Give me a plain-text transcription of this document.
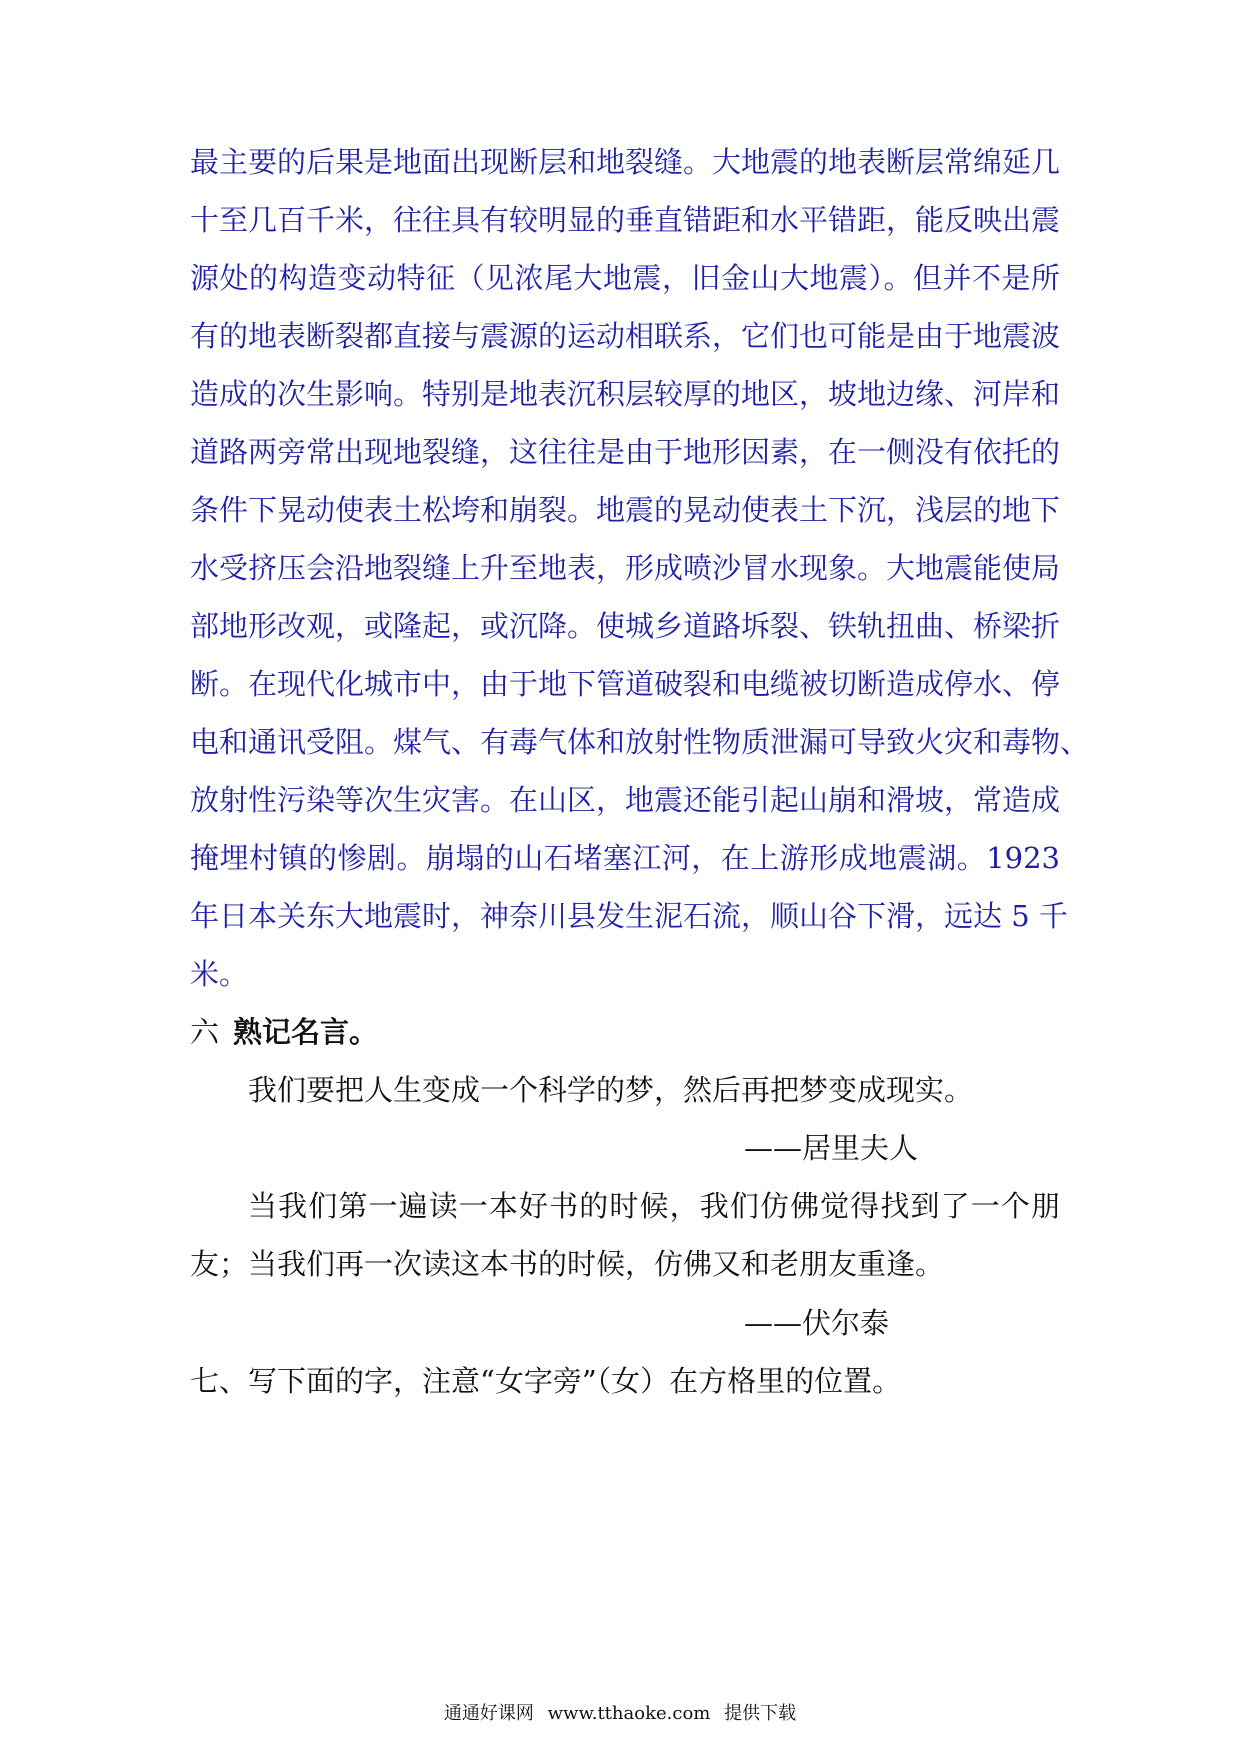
最主要的后果是地面出现断层和地裂缝。大地震的地表断层常绵延几
十至几百千米，往往具有较明显的垂直错距和水平错距，能反映出震
源处的构造变动特征（见浓尾大地震，旧金山大地震）。但并不是所
有的地表断裂都直接与震源的运动相联系，它们也可能是由于地震波
造成的次生影响。特别是地表沉积层较厚的地区，坡地边缘、河岸和
道路两旁常出现地裂缝，这往往是由于地形因素，在一侧没有依托的
条件下晃动使表土松垮和崩裂。地震的晃动使表土下沉，浅层的地下
水受挤压会沿地裂缝上升至地表，形成喷沙冒水现象。大地震能使局
部地形改观，或隆起，或沉降。使城乡道路坼裂、铁轨扭曲、桥梁折
断。在现代化城市中，由于地下管道破裂和电缆被切断造成停水、停
电和通讯受阻。煤气、有毒气体和放射性物质泄漏可导致火灾和毒物、
放射性污染等次生灾害。在山区，地震还能引起山崩和滑坡，常造成
掩埋村镇的惨剧。崩塌的山石堵塞江河，在上游形成地震湖。1923
年日本关东大地震时，神奈川县发生泥石流，顺山谷下滑，远达 5 千
米。
六 熟记名言。
我们要把人生变成一个科学的梦，然后再把梦变成现实。
——居里夫人
当我们第一遍读一本好书的时候，我们仿佛觉得找到了一个朋
友；当我们再一次读这本书的时候，仿佛又和老朋友重逢。
——伏尔泰
七、写下面的字，注意“女字旁”（女）在方格里的位置。
通通好课网 www.tthaoke.com 提供下载
